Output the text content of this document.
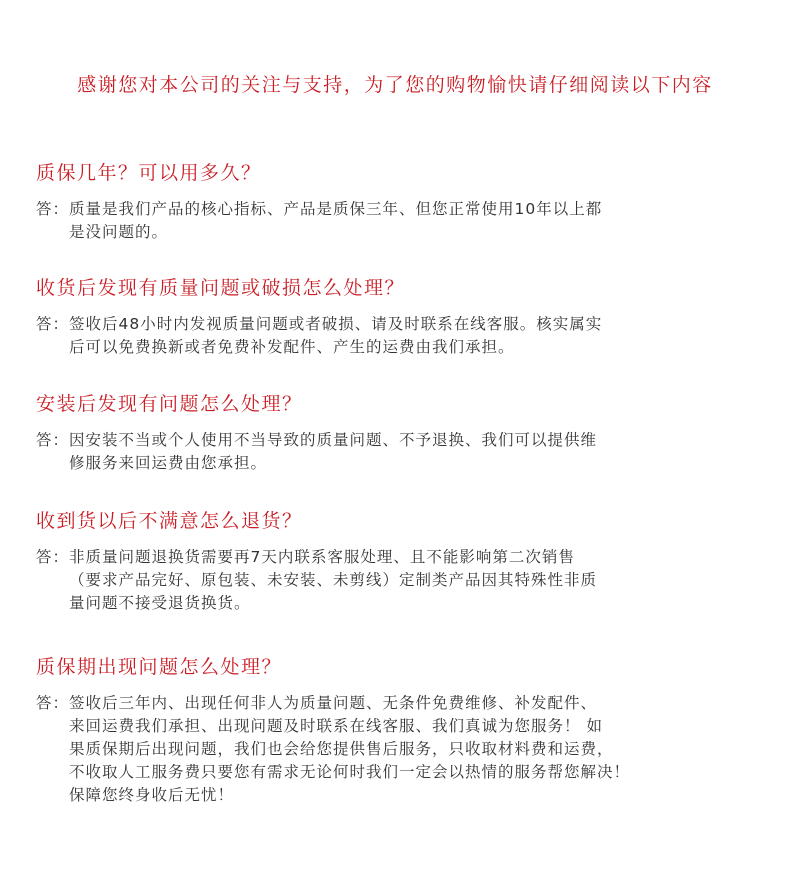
感谢您对本公司的关注与支持，为了您的购物愉快请仔细阅读以下内容
质保几年？可以用多久？
答： 质量是我们产品的核心指标、产品是质保三年、但您正常使用10年以上都
是没问题的。
收货后发现有质量问题或破损怎么处理？
答： 签收后48小时内发视质量问题或者破损、请及时联系在线客服。核实属实
后可以免费换新或者免费补发配件、产生的运费由我们承担。
安装后发现有问题怎么处理？
答： 因安装不当或个人使用不当导致的质量问题、不予退换、我们可以提供维
修服务来回运费由您承担。
收到货以后不满意怎么退货？
答： 非质量问题退换货需要再7天内联系客服处理、且不能影响第二次销售
（要求产品完好、原包装、未安装、未剪线）定制类产品因其特殊性非质
量问题不接受退货换货。
质保期出现问题怎么处理？
答： 签收后三年内、出现任何非人为质量问题、无条件免费维修、补发配件、
来回运费我们承担、出现问题及时联系在线客服、我们真诚为您服务！ 如
果质保期后出现问题，我们也会给您提供售后服务，只收取材料费和运费，
不收取人工服务费只要您有需求无论何时我们一定会以热情的服务帮您解决！
保障您终身收后无忧！
